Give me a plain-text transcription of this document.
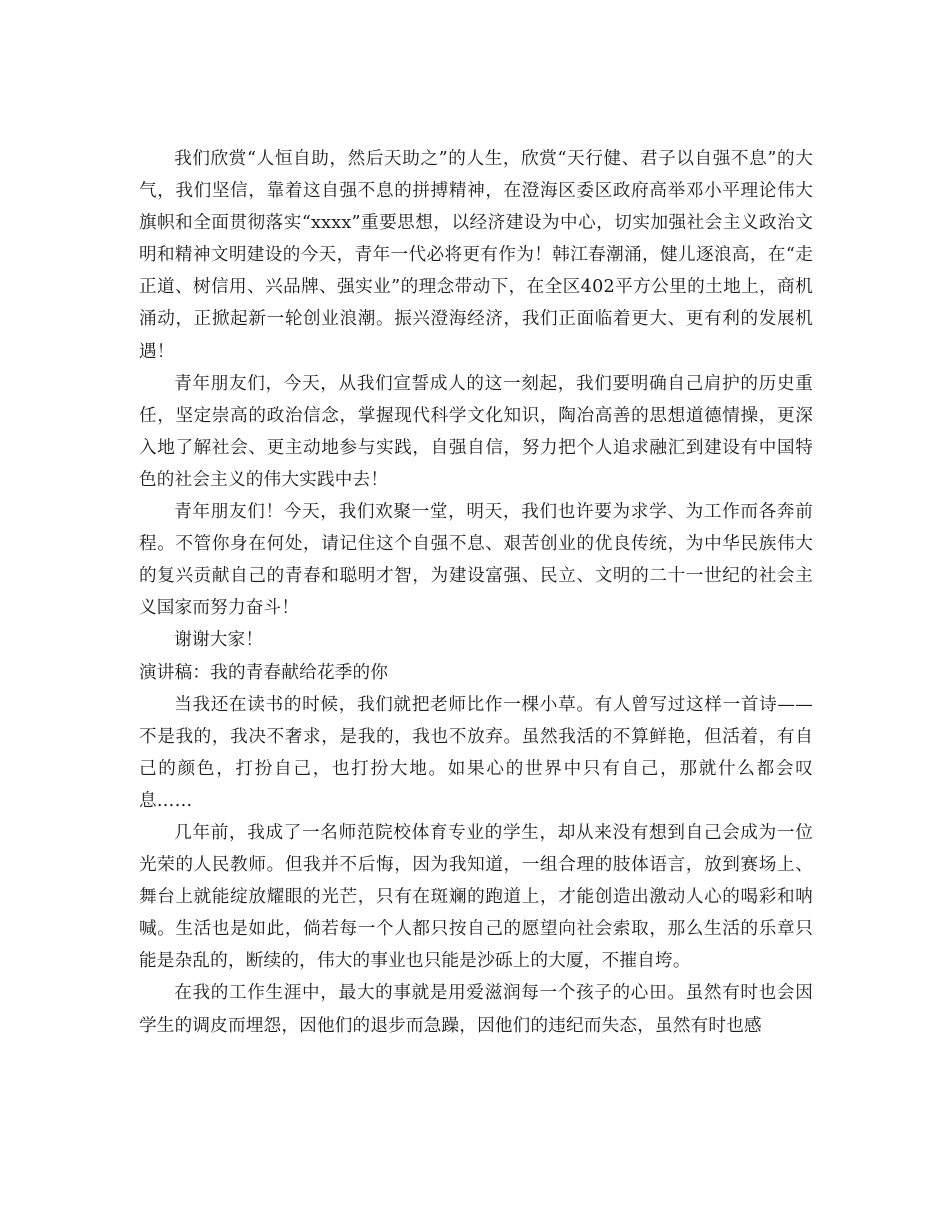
我们欣赏“人恒自助，然后天助之”的人生，欣赏“天行健、君子以自强不息”的大气，我们坚信，靠着这自强不息的拼搏精神，在澄海区委区政府高举邓小平理论伟大旗帜和全面贯彻落实“xxxx”重要思想，以经济建设为中心，切实加强社会主义政治文明和精神文明建设的今天，青年一代必将更有作为！韩江春潮涌，健儿逐浪高，在“走正道、树信用、兴品牌、强实业”的理念带动下，在全区402平方公里的土地上，商机涌动，正掀起新一轮创业浪潮。振兴澄海经济，我们正面临着更大、更有利的发展机遇！

青年朋友们，今天，从我们宣誓成人的这一刻起，我们要明确自己肩护的历史重任，坚定崇高的政治信念，掌握现代科学文化知识，陶冶高善的思想道德情操，更深入地了解社会、更主动地参与实践，自强自信，努力把个人追求融汇到建设有中国特色的社会主义的伟大实践中去！

青年朋友们！今天，我们欢聚一堂，明天，我们也许要为求学、为工作而各奔前程。不管你身在何处，请记住这个自强不息、艰苦创业的优良传统，为中华民族伟大的复兴贡献自己的青春和聪明才智，为建设富强、民立、文明的二十一世纪的社会主义国家而努力奋斗！

谢谢大家！

演讲稿：我的青春献给花季的你

当我还在读书的时候，我们就把老师比作一棵小草。有人曾写过这样一首诗——不是我的，我决不奢求，是我的，我也不放弃。虽然我活的不算鲜艳，但活着，有自己的颜色，打扮自己，也打扮大地。如果心的世界中只有自己，那就什么都会叹息……

几年前，我成了一名师范院校体育专业的学生，却从来没有想到自己会成为一位光荣的人民教师。但我并不后悔，因为我知道，一组合理的肢体语言，放到赛场上、舞台上就能绽放耀眼的光芒，只有在斑斓的跑道上，才能创造出激动人心的喝彩和呐喊。生活也是如此，倘若每一个人都只按自己的愿望向社会索取，那么生活的乐章只能是杂乱的，断续的，伟大的事业也只能是沙砾上的大厦，不摧自垮。

在我的工作生涯中，最大的事就是用爱滋润每一个孩子的心田。虽然有时也会因学生的调皮而埋怨，因他们的退步而急躁，因他们的违纪而失态，虽然有时也感
